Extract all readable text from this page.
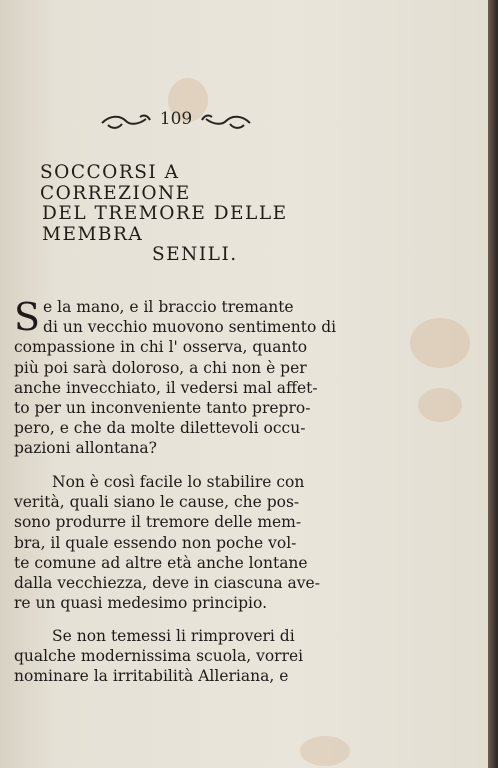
109
SOCCORSI A CORREZIONE
DEL TREMORE DELLE MEMBRA
SENILI.
S e la mano, e il braccio tremante
di un vecchio muovono sentimento di
compassione in chi l' osserva, quanto
più poi sarà doloroso, a chi non è per
anche invecchiato, il vedersi mal affet-
to per un inconveniente tanto prepro-
pero, e che da molte dilettevoli occu-
pazioni allontana?
Non è così facile lo stabilire con
verità, quali siano le cause, che pos-
sono produrre il tremore delle mem-
bra, il quale essendo non poche vol-
te comune ad altre età anche lontane
dalla vecchiezza, deve in ciascuna ave-
re un quasi medesimo principio.
Se non temessi li rimproveri di
qualche modernissima scuola, vorrei
nominare la irritabilità Alleriana, e
